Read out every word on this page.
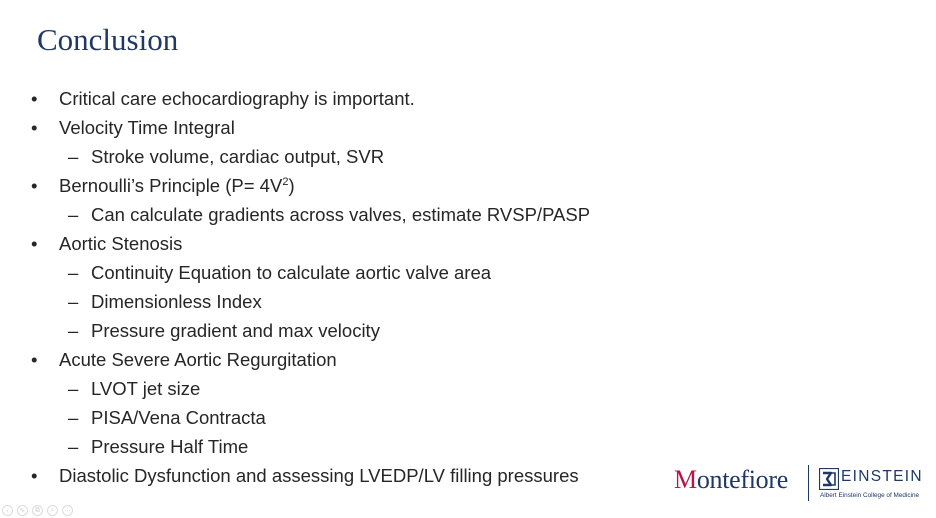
Conclusion
• Critical care echocardiography is important.
• Velocity Time Integral
– Stroke volume, cardiac output, SVR
• Bernoulli’s Principle $(P= 4V^2)$
– Can calculate gradients across valves, estimate RVSP/PASP
• Aortic Stenosis
– Continuity Equation to calculate aortic valve area
– Dimensionless Index
– Pressure gradient and max velocity
• Acute Severe Aortic Regurgitation
– LVOT jet size
– PISA/Vena Contracta
– Pressure Half Time
• Diastolic Dysfunction and assessing LVEDP/LV filling pressures	Montefiore	EINSTEIN
Albert Einstein College of Medicine
‹	✎	⧉	⌕	···
